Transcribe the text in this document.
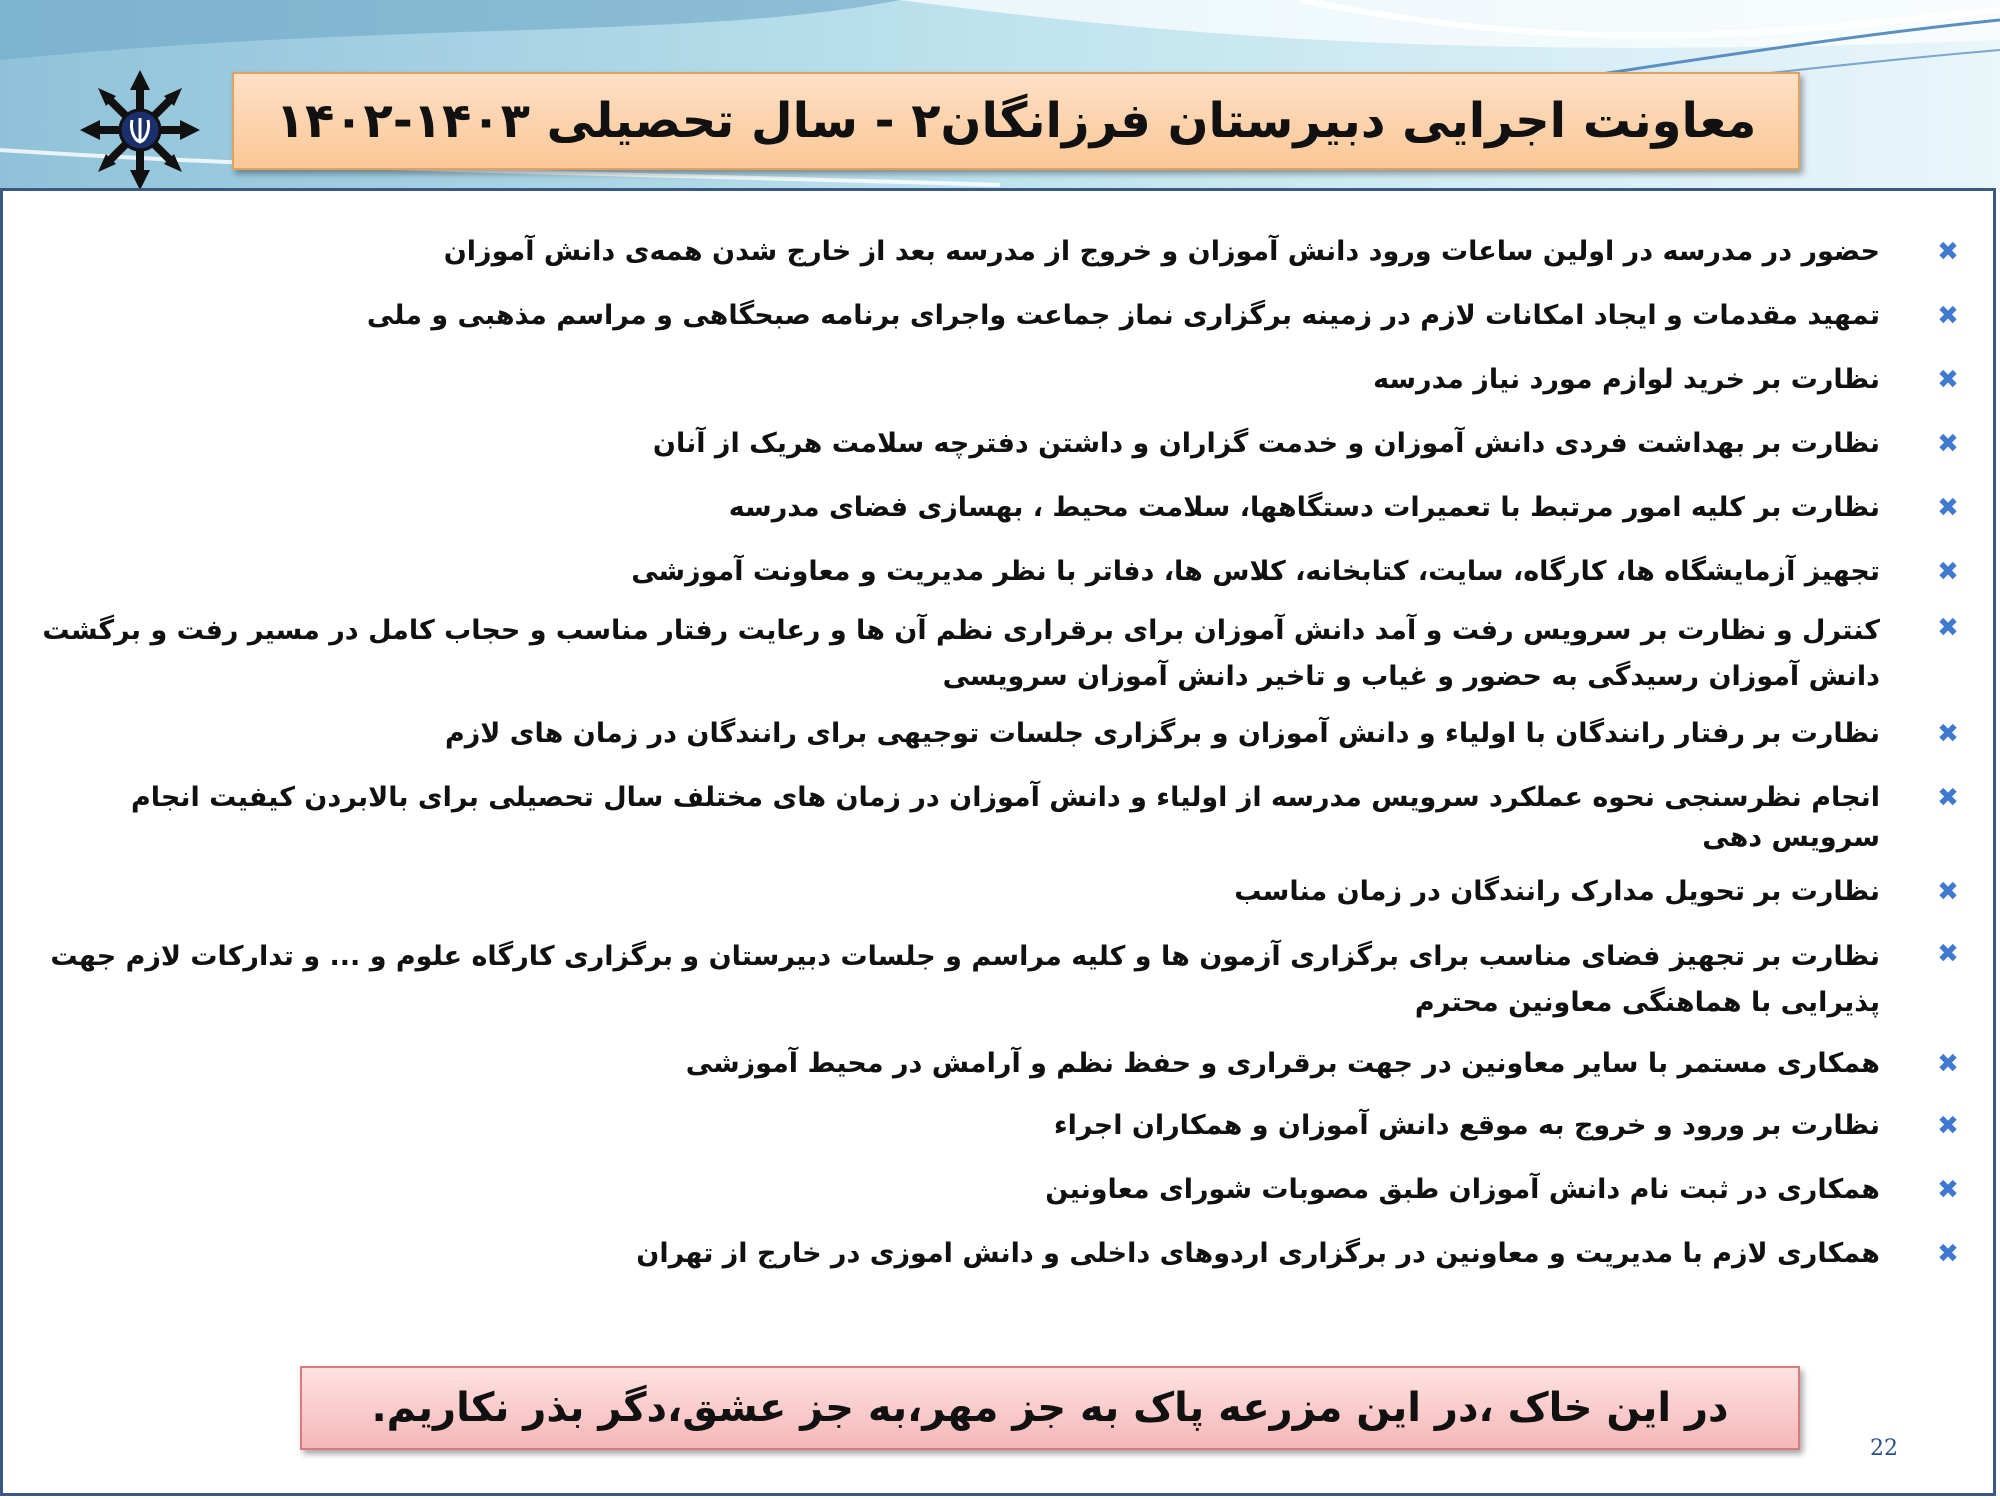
معاونت اجرایی دبیرستان فرزانگان۲ - سال تحصیلی ۱۴۰۳-۱۴۰۲
✖
حضور در مدرسه در اولین ساعات ورود دانش آموزان و خروج از مدرسه بعد از خارج شدن همه‌ی دانش آموزان
✖
تمهید مقدمات و ایجاد امکانات لازم در زمینه برگزاری نماز جماعت واجرای برنامه صبحگاهی و مراسم مذهبی و ملی
✖
نظارت بر خرید لوازم مورد نیاز مدرسه
✖
نظارت بر بهداشت فردی دانش آموزان و خدمت گزاران و داشتن دفترچه سلامت هریک از آنان
✖
نظارت بر کلیه امور مرتبط با تعمیرات دستگاهها، سلامت محیط ، بهسازی فضای مدرسه
✖
تجهیز آزمایشگاه ها، کارگاه، سایت، کتابخانه، کلاس ها، دفاتر با نظر مدیریت و معاونت آموزشی
✖
کنترل و نظارت بر سرویس رفت و آمد دانش آموزان برای برقراری نظم آن ها و رعایت رفتار مناسب و حجاب کامل در مسیر رفت و برگشت دانش آموزان رسیدگی به حضور و غیاب و تاخیر دانش آموزان سرویسی
✖
نظارت بر رفتار رانندگان با اولیاء و دانش آموزان و برگزاری جلسات توجیهی برای رانندگان در زمان های لازم
✖
انجام نظرسنجی نحوه عملکرد سرویس مدرسه از اولیاء و دانش آموزان در زمان های مختلف سال تحصیلی برای بالابردن کیفیت انجام سرویس دهی
✖
نظارت بر تحویل مدارک رانندگان در زمان مناسب
✖
نظارت بر تجهیز فضای مناسب برای برگزاری آزمون ها و کلیه مراسم و جلسات دبیرستان و برگزاری کارگاه علوم و ... و تدارکات لازم جهت پذیرایی با هماهنگی معاونین محترم
✖
همکاری مستمر با سایر معاونین در جهت برقراری و حفظ نظم و آرامش در محیط آموزشی
✖
نظارت بر ورود و خروج به موقع دانش آموزان و همکاران اجراء
✖
همکاری در ثبت نام دانش آموزان طبق مصوبات شورای معاونین
✖
همکاری لازم با مدیریت و معاونین در برگزاری اردوهای داخلی و دانش اموزی در خارج از تهران
در این خاک ،در این مزرعه پاک به جز مهر،به جز عشق،دگر بذر نکاریم.
22
